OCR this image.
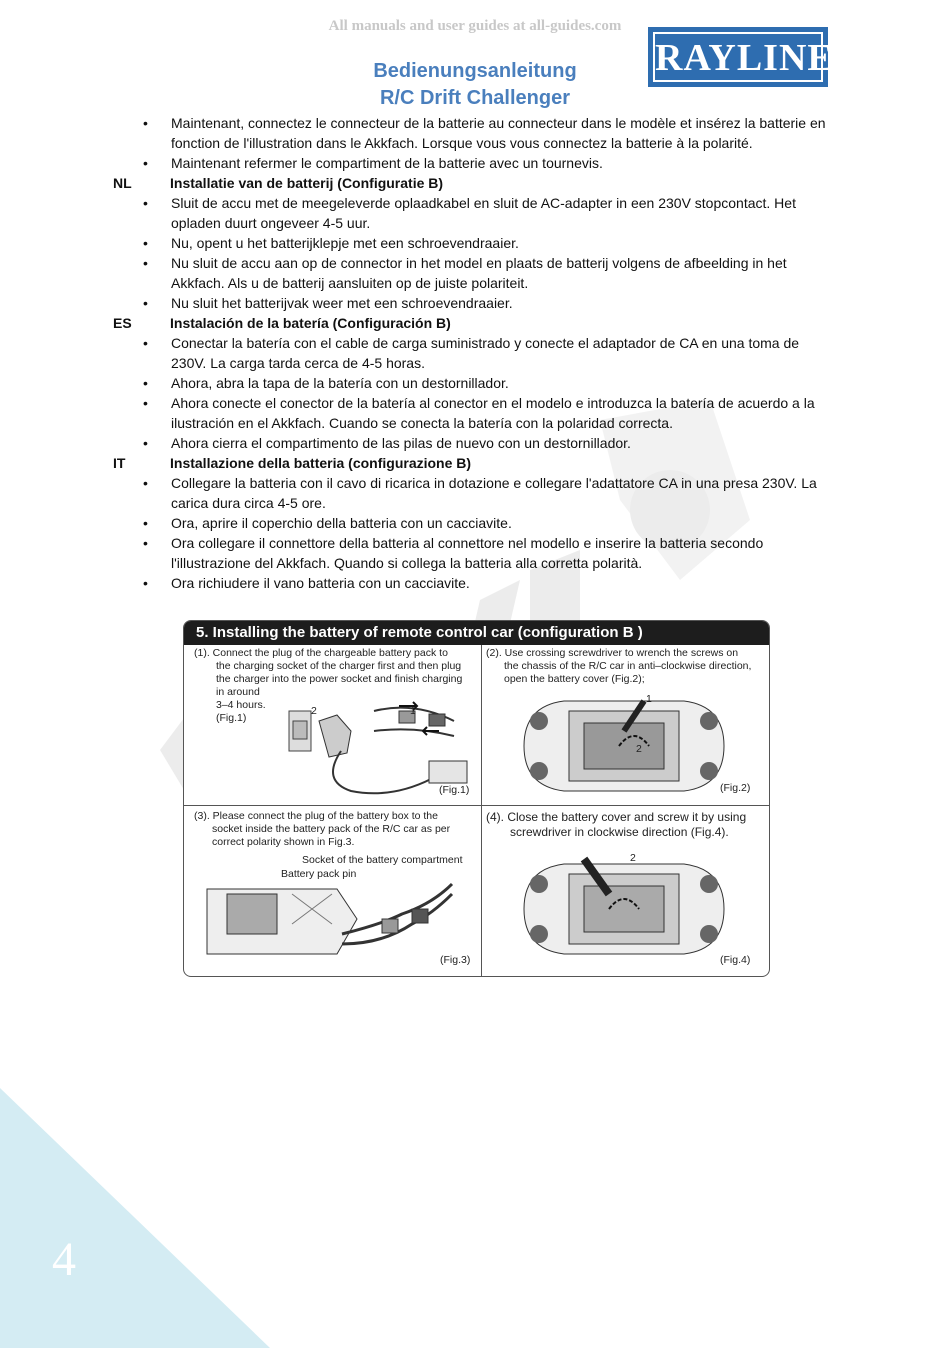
All manuals and user guides at all-guides.com
Bedienungsanleitung
R/C Drift Challenger
RAYLINE
• Maintenant, connectez le connecteur de la batterie au connecteur dans le modèle et insérez la batterie en fonction de l'illustration dans le Akkfach. Lorsque vous vous connectez la batterie à la polarité.
• Maintenant refermer le compartiment de la batterie avec un tournevis.
NL	Installatie van de batterij (Configuratie B)
• Sluit de accu met de meegeleverde oplaadkabel en sluit de AC-adapter in een 230V stopcontact. Het opladen duurt ongeveer 4-5 uur.
• Nu, opent u het batterijklepje met een schroevendraaier.
• Nu sluit de accu aan op de connector in het model en plaats de batterij volgens de afbeelding in het Akkfach. Als u de batterij aansluiten op de juiste polariteit.
• Nu sluit het batterijvak weer met een schroevendraaier.
ES	Instalación de la batería (Configuración B)
• Conectar la batería con el cable de carga suministrado y conecte el adaptador de CA en una toma de 230V. La carga tarda cerca de 4-5 horas.
• Ahora, abra la tapa de la batería con un destornillador.
• Ahora conecte el conector de la batería al conector en el modelo e introduzca la batería de acuerdo a la ilustración en el Akkfach. Cuando se conecta la batería con la polaridad correcta.
• Ahora cierra el compartimento de las pilas de nuevo con un destornillador.
IT	Installazione della batteria (configurazione B)
• Collegare la batteria con il cavo di ricarica in dotazione e collegare l'adattatore CA in una presa 230V. La carica dura circa 4-5 ore.
• Ora, aprire il coperchio della batteria con un cacciavite.
• Ora collegare il connettore della batteria al connettore nel modello e inserire la batteria secondo l'illustrazione del Akkfach. Quando si collega la batteria alla corretta polarità.
• Ora richiudere il vano batteria con un cacciavite.
5. Installing the battery of remote control car (configuration B )
(1). Connect the plug of the chargeable battery pack to
the charging socket of the charger first and then plug
the charger into the power socket and finish charging
in around
3–4 hours.
(Fig.1)
2	1
(Fig.1)
(2). Use crossing screwdriver to wrench the screws on
the chassis of the R/C car in anti–clockwise direction,
open the battery cover (Fig.2);
1
2
(Fig.2)
(3). Please connect the plug of the battery box to the
socket inside the battery pack of the R/C car as per
correct polarity shown in Fig.3.
Socket of the battery compartment
Battery pack pin
(Fig.3)
(4). Close the battery cover and screw it by using
screwdriver in clockwise direction (Fig.4).
2
(Fig.4)
4
